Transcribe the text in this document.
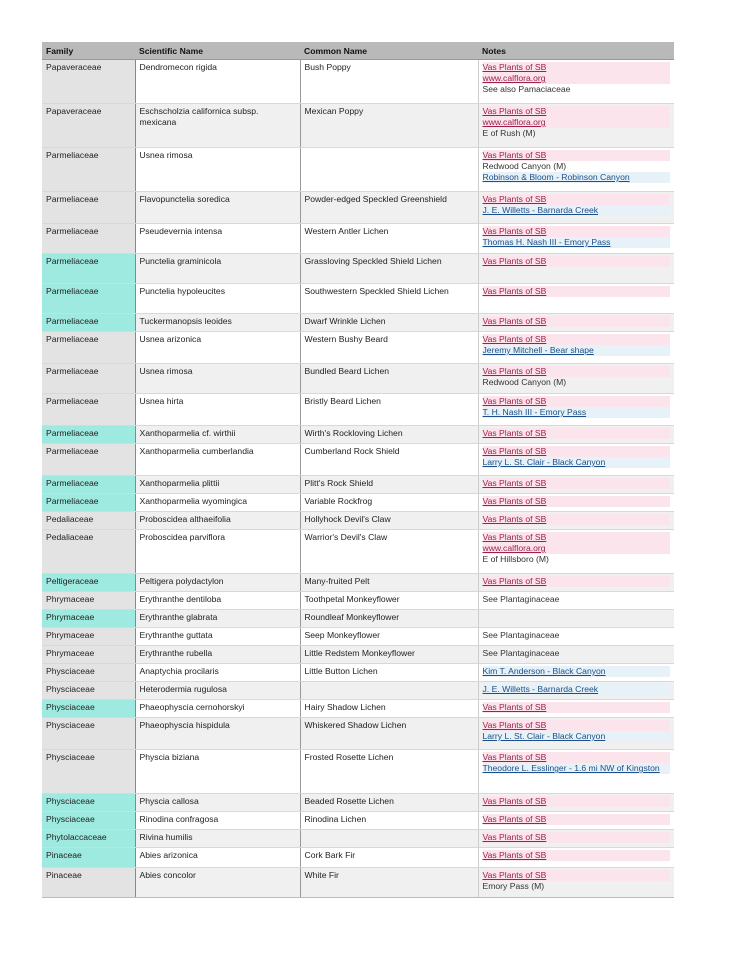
Family	Scientific Name	Common Name	Notes
Papaveraceae	Dendromecon rigida	Bush Poppy	Vas Plants of SB
www.calflora.org
See also Pamaciaceae

Papaveraceae	Eschscholzia californica subsp. mexicana	Mexican Poppy	Vas Plants of SB
www.calflora.org
E of Rush (M)

Parmeliaceae	Usnea rimosa		Vas Plants of SB
Redwood Canyon (M)
Robinson & Bloom - Robinson Canyon

Parmeliaceae	Flavopunctelia soredica	Powder-edged Speckled Greenshield	Vas Plants of SB
J. E. Willetts - Barnarda Creek

Parmeliaceae	Pseudevernia intensa	Western Antler Lichen	Vas Plants of SB
Thomas H. Nash III - Emory Pass

Parmeliaceae	Punctelia graminicola	Grassloving Speckled Shield Lichen	Vas Plants of SB

Parmeliaceae	Punctelia hypoleucites	Southwestern Speckled Shield Lichen	Vas Plants of SB

Parmeliaceae	Tuckermanopsis leoides	Dwarf Wrinkle Lichen	Vas Plants of SB

Parmeliaceae	Usnea arizonica	Western Bushy Beard	Vas Plants of SB
Jeremy Mitchell - Bear shape

Parmeliaceae	Usnea rimosa	Bundled Beard Lichen	Vas Plants of SB
Redwood Canyon (M)

Parmeliaceae	Usnea hirta	Bristly Beard Lichen	Vas Plants of SB
T. H. Nash III - Emory Pass

Parmeliaceae	Xanthoparmelia cf. wirthii	Wirth's Rockloving Lichen	Vas Plants of SB

Parmeliaceae	Xanthoparmelia cumberlandia	Cumberland Rock Shield	Vas Plants of SB
Larry L. St. Clair - Black Canyon

Parmeliaceae	Xanthoparmelia plittii	Plitt's Rock Shield	Vas Plants of SB

Parmeliaceae	Xanthoparmelia wyomingica	Variable Rockfrog	Vas Plants of SB

Pedaliaceae	Proboscidea althaeifolia	Hollyhock Devil's Claw	Vas Plants of SB

Pedaliaceae	Proboscidea parviflora	Warrior's Devil's Claw	Vas Plants of SB
www.calflora.org
E of Hillsboro (M)

Peltigeraceae	Peltigera polydactylon	Many-fruited Pelt	Vas Plants of SB

Phrymaceae	Erythranthe dentilobа	Toothpetal Monkeyflower	See Plantaginaceae

Phrymaceae	Erythranthe glabrata	Roundleaf Monkeyflower	
Phrymaceae	Erythranthe guttata	Seep Monkeyflower	See Plantaginaceae

Phrymaceae	Erythranthe rubella	Little Redstem Monkeyflower	See Plantaginaceae

Physciaceae	Anaptychia procilaris	Little Button Lichen	Kim T. Anderson - Black Canyon

Physciaceae	Heterodermia rugulosa		J. E. Willetts - Barnarda Creek

Physciaceae	Phaeophyscia cernohorskyi	Hairy Shadow Lichen	Vas Plants of SB

Physciaceae	Phaeophyscia hispidula	Whiskered Shadow Lichen	Vas Plants of SB
Larry L. St. Clair - Black Canyon

Physciaceae	Physcia biziana	Frosted Rosette Lichen	Vas Plants of SB
Theodore L. Esslinger - 1.6 mi NW of Kingston

Physciaceae	Physcia callosa	Beaded Rosette Lichen	Vas Plants of SB

Physciaceae	Rinodina confragosa	Rinodina Lichen	Vas Plants of SB

Phytolaccaceae	Rivina humilis		Vas Plants of SB

Pinaceae	Abies arizonica	Cork Bark Fir	Vas Plants of SB

Pinaceae	Abies concolor	White Fir	Vas Plants of SB
Emory Pass (M)
